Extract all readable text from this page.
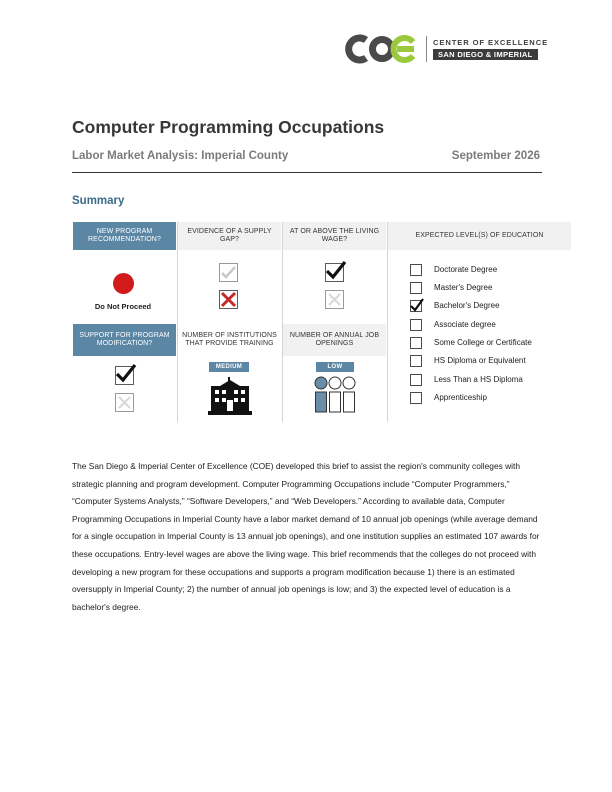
CENTER OF EXCELLENCE
SAN DIEGO & IMPERIAL
Computer Programming Occupations
Labor Market Analysis: Imperial County	September 2026
Summary
NEW PROGRAM RECOMMENDATION?
EVIDENCE OF A SUPPLY GAP?
AT OR ABOVE THE LIVING WAGE?
EXPECTED LEVEL(S) OF EDUCATION
Do Not Proceed
SUPPORT FOR PROGRAM MODIFICATION?
NUMBER OF INSTITUTIONS THAT PROVIDE TRAINING
NUMBER OF ANNUAL JOB OPENINGS
MEDIUM	LOW
Doctorate Degree
Master's Degree
Bachelor's Degree
Associate degree
Some College or Certificate
HS Diploma or Equivalent
Less Than a HS Diploma
Apprenticeship

The San Diego & Imperial Center of Excellence (COE) developed this brief to assist the region's community colleges with strategic planning and program development. Computer Programming Occupations include “Computer Programmers,” “Computer Systems Analysts,” “Software Developers,” and “Web Developers.” According to available data, Computer Programming Occupations in Imperial County have a labor market demand of 10 annual job openings (while average demand for a single occupation in Imperial County is 13 annual job openings), and one institution supplies an estimated 107 awards for these occupations. Entry-level wages are above the living wage. This brief recommends that the colleges do not proceed with developing a new program for these occupations and supports a program modification because 1) there is an estimated oversupply in Imperial County; 2) the number of annual job openings is low; and 3) the expected level of education is a bachelor's degree.
